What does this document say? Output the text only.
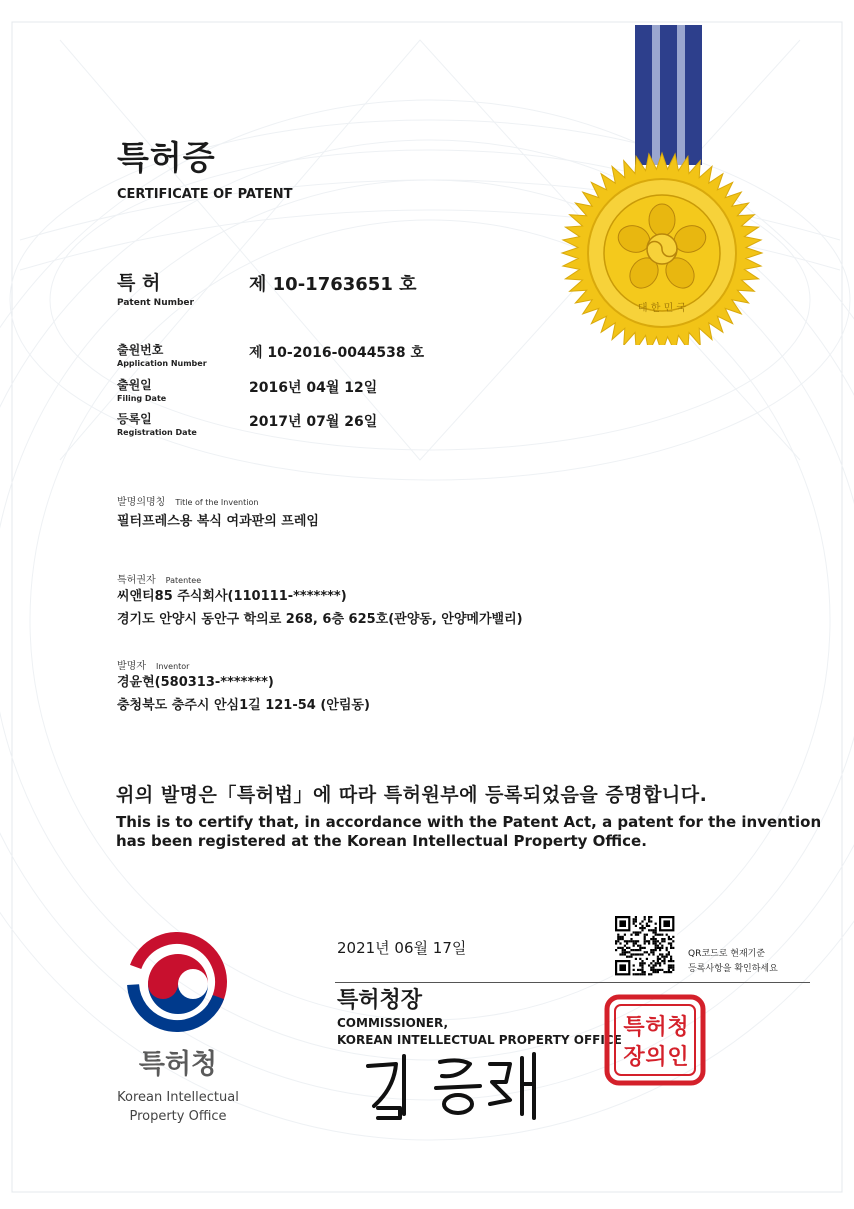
특허증
CERTIFICATE OF PATENT
대 한 민 국
특 허
Patent Number
제 10-1763651 호
출원번호
Application Number
제 10-2016-0044538 호
출원일
Filing Date
2016년 04월 12일
등록일
Registration Date
2017년 07월 26일
발명의명칭 Title of the Invention
필터프레스용 복식 여과판의 프레임
특허권자 Patentee
씨앤티85 주식회사(110111-*******)
경기도 안양시 동안구 학의로 268, 6층 625호(관양동, 안양메가밸리)
발명자 Inventor
경윤현(580313-*******)
충청북도 충주시 안심1길 121-54 (안림동)
위의 발명은「특허법」에 따라 특허원부에 등록되었음을 증명합니다.
This is to certify that, in accordance with the Patent Act, a patent for the invention
has been registered at the Korean Intellectual Property Office.
특허청
Korean Intellectual
Property Office
2021년 06월 17일	QR코드로 현재기준
등록사항을 확인하세요
특허청장
COMMISSIONER,
KOREAN INTELLECTUAL PROPERTY OFFICE 특 허 청
장 의 인
